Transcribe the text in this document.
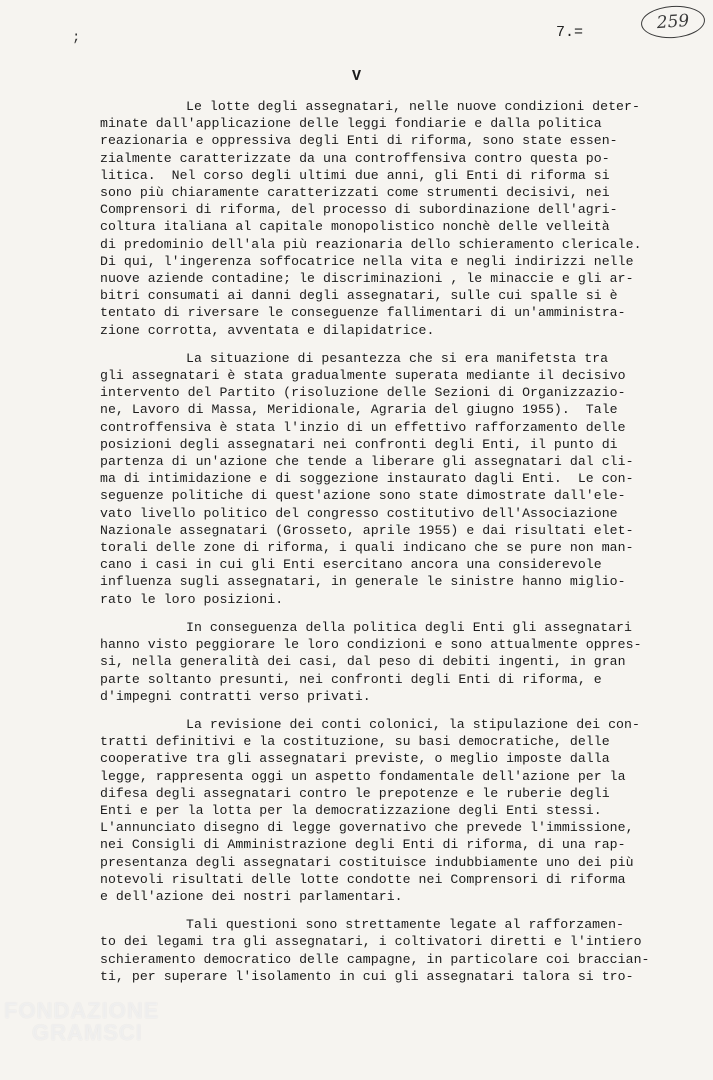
;	7.=	259
V
Le lotte degli assegnatari, nelle nuove condizioni deter-
minate dall'applicazione delle leggi fondiarie e dalla politica
reazionaria e oppressiva degli Enti di riforma, sono state essen-
zialmente caratterizzate da una controffensiva contro questa po-
litica.  Nel corso degli ultimi due anni, gli Enti di riforma si
sono più chiaramente caratterizzati come strumenti decisivi, nei
Comprensori di riforma, del processo di subordinazione dell'agri-
coltura italiana al capitale monopolistico nonchè delle velleità
di predominio dell'ala più reazionaria dello schieramento clericale.
Di qui, l'ingerenza soffocatrice nella vita e negli indirizzi nelle
nuove aziende contadine; le discriminazioni , le minaccie e gli ar-
bitri consumati ai danni degli assegnatari, sulle cui spalle si è
tentato di riversare le conseguenze fallimentari di un'amministra-
zione corrotta, avventata e dilapidatrice.
La situazione di pesantezza che si era manifetsta tra
gli assegnatari è stata gradualmente superata mediante il decisivo
intervento del Partito (risoluzione delle Sezioni di Organizzazio-
ne, Lavoro di Massa, Meridionale, Agraria del giugno 1955).  Tale
controffensiva è stata l'inzio di un effettivo rafforzamento delle
posizioni degli assegnatari nei confronti degli Enti, il punto di
partenza di un'azione che tende a liberare gli assegnatari dal cli-
ma di intimidazione e di soggezione instaurato dagli Enti.  Le con-
seguenze politiche di quest'azione sono state dimostrate dall'ele-
vato livello politico del congresso costitutivo dell'Associazione
Nazionale assegnatari (Grosseto, aprile 1955) e dai risultati elet-
torali delle zone di riforma, i quali indicano che se pure non man-
cano i casi in cui gli Enti esercitano ancora una considerevole
influenza sugli assegnatari, in generale le sinistre hanno miglio-
rato le loro posizioni.
In conseguenza della politica degli Enti gli assegnatari
hanno visto peggiorare le loro condizioni e sono attualmente oppres-
si, nella generalità dei casi, dal peso di debiti ingenti, in gran
parte soltanto presunti, nei confronti degli Enti di riforma, e
d'impegni contratti verso privati.
La revisione dei conti colonici, la stipulazione dei con-
tratti definitivi e la costituzione, su basi democratiche, delle
cooperative tra gli assegnatari previste, o meglio imposte dalla
legge, rappresenta oggi un aspetto fondamentale dell'azione per la
difesa degli assegnatari contro le prepotenze e le ruberie degli
Enti e per la lotta per la democratizzazione degli Enti stessi.
L'annunciato disegno di legge governativo che prevede l'immissione,
nei Consigli di Amministrazione degli Enti di riforma, di una rap-
presentanza degli assegnatari costituisce indubbiamente uno dei più
notevoli risultati delle lotte condotte nei Comprensori di riforma
e dell'azione dei nostri parlamentari.
Tali questioni sono strettamente legate al rafforzamen-
to dei legami tra gli assegnatari, i coltivatori diretti e l'intiero
schieramento democratico delle campagne, in particolare coi braccian-
ti, per superare l'isolamento in cui gli assegnatari talora si tro-
FONDAZIONE
GRAMSCI
